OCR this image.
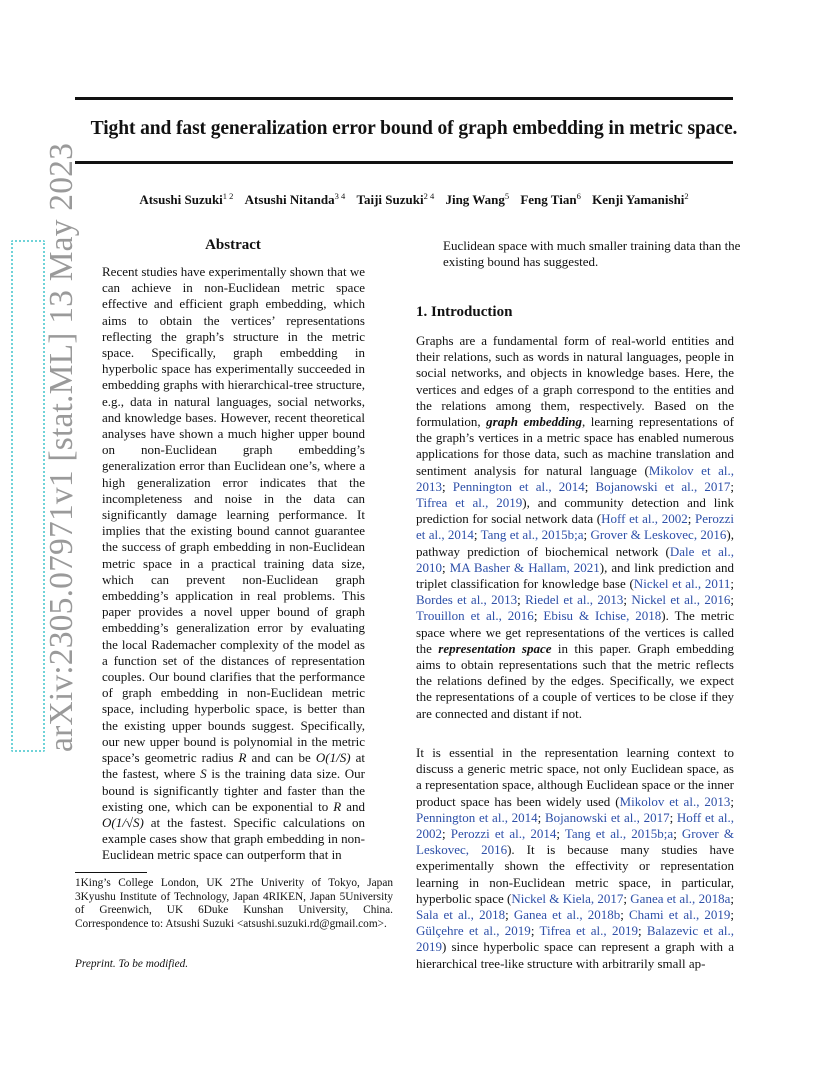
Tight and fast generalization error bound of graph embedding in metric space.
Atsushi Suzuki$^{1 2}$ Atsushi Nitanda$^{3 4}$ Taiji Suzuki$^{2 4}$ Jing Wang$^5$ Feng Tian$^6$ Kenji Yamanishi$^2$
arXiv:2305.07971v1 [stat.ML] 13 May 2023	Abstract
Recent studies have experimentally shown that we can achieve in non-Euclidean metric space effective and efficient graph embedding, which aims to obtain the vertices’ representations reflecting the graph’s structure in the metric space. Specifically, graph embedding in hyperbolic space has experimentally succeeded in embedding graphs with hierarchical-tree structure, e.g., data in natural languages, social networks, and knowledge bases. However, recent theoretical analyses have shown a much higher upper bound on non-Euclidean graph embedding’s generalization error than Euclidean one’s, where a high generalization error indicates that the incompleteness and noise in the data can significantly damage learning performance. It implies that the existing bound cannot guarantee the success of graph embedding in non-Euclidean metric space in a practical training data size, which can prevent non-Euclidean graph embedding’s application in real problems. This paper provides a novel upper bound of graph embedding’s generalization error by evaluating the local Rademacher complexity of the model as a function set of the distances of representation couples. Our bound clarifies that the performance of graph embedding in non-Euclidean metric space, including hyperbolic space, is better than the existing upper bounds suggest. Specifically, our new upper bound is polynomial in the metric space’s geometric radius R and can be O(1/S) at the fastest, where S is the training data size. Our bound is significantly tighter and faster than the existing one, which can be exponential to R and O(1/√S) at the fastest. Specific calculations on example cases show that graph embedding in non-Euclidean metric space can outperform that in
1King’s College London, UK 2The Univerity of Tokyo, Japan 3Kyushu Institute of Technology, Japan 4RIKEN, Japan 5University of Greenwich, UK 6Duke Kunshan University, China. Correspondence to: Atsushi Suzuki <atsushi.suzuki.rd@gmail.com>.
Preprint. To be modified.
Euclidean space with much smaller training data than the existing bound has suggested.
1. Introduction
Graphs are a fundamental form of real-world entities and their relations, such as words in natural languages, people in social networks, and objects in knowledge bases. Here, the vertices and edges of a graph correspond to the entities and the relations among them, respectively. Based on the formulation, graph embedding, learning representations of the graph’s vertices in a metric space has enabled numerous applications for those data, such as machine translation and sentiment analysis for natural language (Mikolov et al., 2013; Pennington et al., 2014; Bojanowski et al., 2017; Tifrea et al., 2019), and community detection and link prediction for social network data (Hoff et al., 2002; Perozzi et al., 2014; Tang et al., 2015b;a; Grover & Leskovec, 2016), pathway prediction of biochemical network (Dale et al., 2010; MA Basher & Hallam, 2021), and link prediction and triplet classification for knowledge base (Nickel et al., 2011; Bordes et al., 2013; Riedel et al., 2013; Nickel et al., 2016; Trouillon et al., 2016; Ebisu & Ichise, 2018). The metric space where we get representations of the vertices is called the representation space in this paper. Graph embedding aims to obtain representations such that the metric reflects the relations defined by the edges. Specifically, we expect the representations of a couple of vertices to be close if they are connected and distant if not.
It is essential in the representation learning context to discuss a generic metric space, not only Euclidean space, as a representation space, although Euclidean space or the inner product space has been widely used (Mikolov et al., 2013; Pennington et al., 2014; Bojanowski et al., 2017; Hoff et al., 2002; Perozzi et al., 2014; Tang et al., 2015b;a; Grover & Leskovec, 2016). It is because many studies have experimentally shown the effectivity or representation learning in non-Euclidean metric space, in particular, hyperbolic space (Nickel & Kiela, 2017; Ganea et al., 2018a; Sala et al., 2018; Ganea et al., 2018b; Chami et al., 2019; Gülçehre et al., 2019; Tifrea et al., 2019; Balazevic et al., 2019) since hyperbolic space can represent a graph with a hierarchical tree-like structure with arbitrarily small ap-
